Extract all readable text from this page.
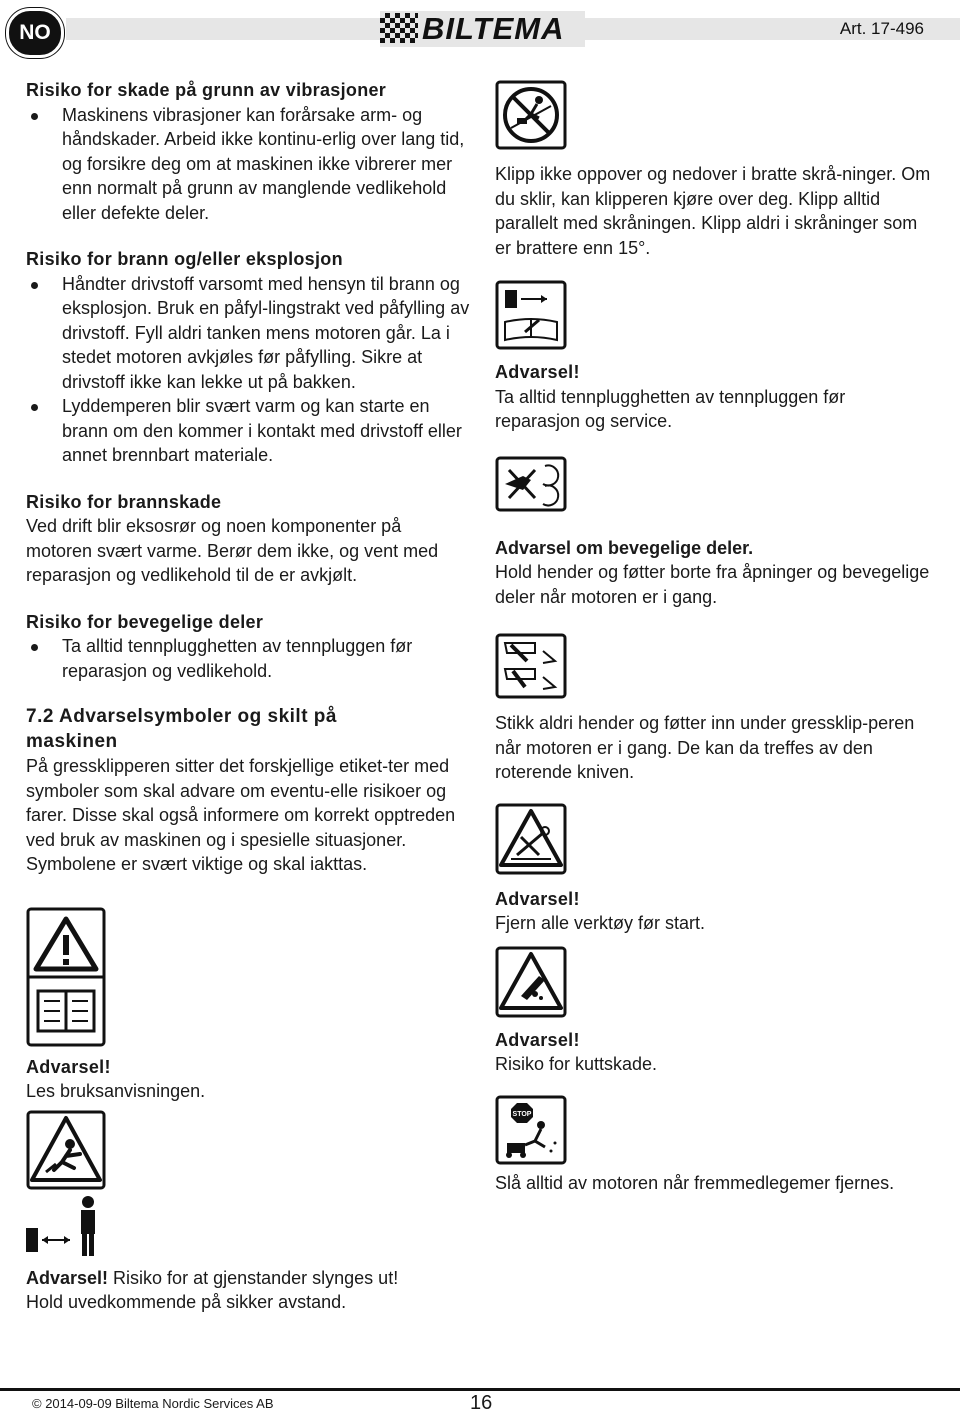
NO	BILTEMA	Art. 17-496
Risiko for skade på grunn av vibrasjoner
Maskinens vibrasjoner kan forårsake arm- og håndskader. Arbeid ikke kontinu-erlig over lang tid, og forsikre deg om at maskinen ikke vibrerer mer enn normalt på grunn av manglende vedlikehold eller defekte deler.
Risiko for brann og/eller eksplosjon
Håndter drivstoff varsomt med hensyn til brann og eksplosjon. Bruk en påfyl-lingstrakt ved påfylling av drivstoff. Fyll aldri tanken mens motoren går. La i stedet motoren avkjøles før påfylling. Sikre at drivstoff ikke kan lekke ut på bakken.
Lyddemperen blir svært varm og kan starte en brann om den kommer i kontakt med drivstoff eller annet brennbart materiale.
Risiko for brannskade

Ved drift blir eksosrør og noen komponenter på motoren svært varme. Berør dem ikke, og vent med reparasjon og vedlikehold til de er avkjølt.

Risiko for bevegelige deler
Ta alltid tennplugghetten av tennpluggen før reparasjon og vedlikehold.
7.2 Advarselsymboler og skilt på maskinen

På gressklipperen sitter det forskjellige etiket-ter med symboler som skal advare om eventu-elle risikoer og farer. Disse skal også informere om korrekt opptreden ved bruk av maskinen og i spesielle situasjoner. Symbolene er svært viktige og skal iakttas.

Advarsel!

Les bruksanvisningen.

Advarsel! Risiko for at gjenstander slynges ut!

Hold uvedkommende på sikker avstand.

Klipp ikke oppover og nedover i bratte skrå-ninger. Om du sklir, kan klipperen kjøre over deg. Klipp alltid parallelt med skråningen. Klipp aldri i skråninger som er brattere enn 15°.

Advarsel!

Ta alltid tennplugghetten av tennpluggen før reparasjon og service.

Advarsel om bevegelige deler.

Hold hender og føtter borte fra åpninger og bevegelige deler når motoren er i gang.

Stikk aldri hender og føtter inn under gressklip-peren når motoren er i gang. De kan da treffes av den roterende kniven.

Advarsel!

Fjern alle verktøy før start.

Advarsel!

Risiko for kuttskade.

STOP

Slå alltid av motoren når fremmedlegemer fjernes.

© 2014-09-09 Biltema Nordic Services AB	16
